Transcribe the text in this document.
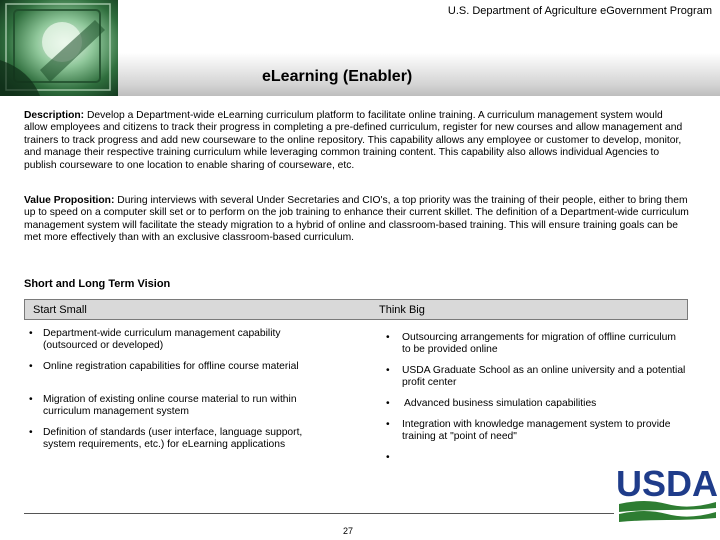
U.S. Department of Agriculture eGovernment Program
eLearning (Enabler)

Description: Develop a Department-wide eLearning curriculum platform to facilitate online training. A curriculum management system would allow employees and citizens to track their progress in completing a pre-defined curriculum, register for new courses and allow management and trainers to track progress and add new courseware to the online repository. This capability allows any employee or customer to develop, monitor, and manage their respective training curriculum while leveraging common training content. This capability also allows individual Agencies to publish courseware to one location to enable sharing of courseware, etc.

Value Proposition: During interviews with several Under Secretaries and CIO's, a top priority was the training of their people, either to bring them up to speed on a computer skill set or to perform on the job training to enhance their current skillet. The definition of a Department-wide curriculum management system will facilitate the steady migration to a hybrid of online and classroom-based training. This will ensure training goals can be met more effectively than with an exclusive classroom-based curriculum.

Short and Long Term Vision
Start Small	Think Big
• Department-wide curriculum management capability (outsourced or developed)
• Online registration capabilities for offline course material
• Migration of existing online course material to run within curriculum management system
• Definition of standards (user interface, language support, system requirements, etc.) for eLearning applications
• Outsourcing arrangements for migration of offline curriculum to be provided online
• USDA Graduate School as an online university and a potential profit center
• Advanced business simulation capabilities
• Integration with knowledge management system to provide training at "point of need"
•
27
USDA
